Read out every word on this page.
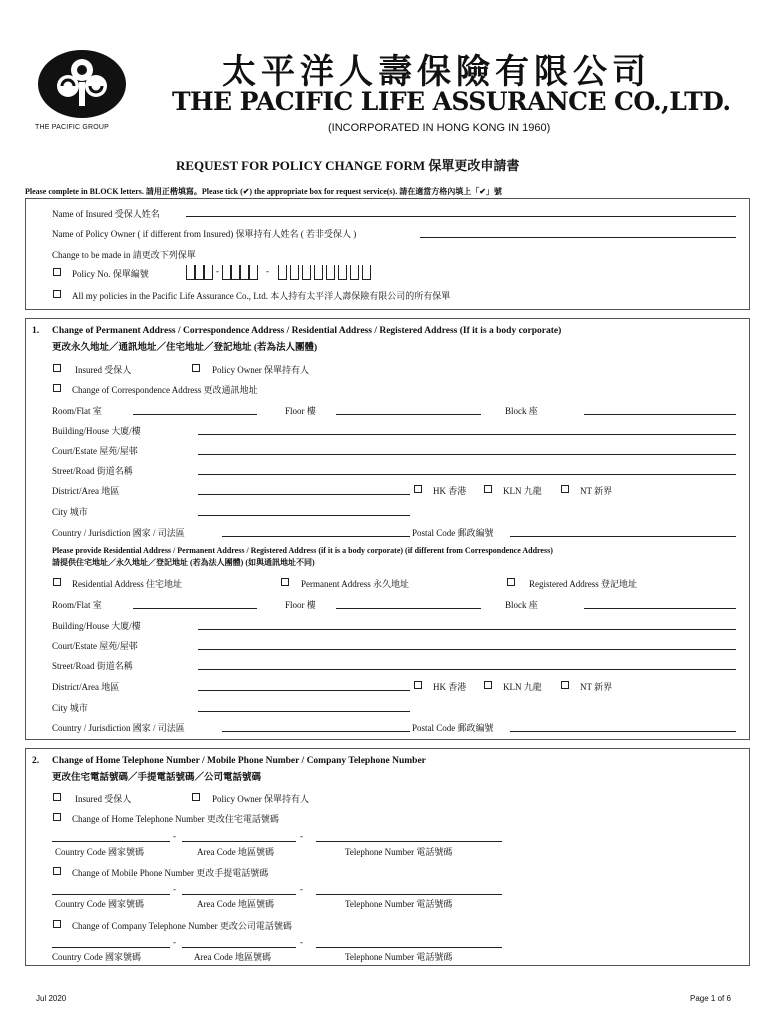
THE PACIFIC GROUP
太平洋人壽保險有限公司
THE PACIFIC LIFE ASSURANCE CO.,LTD.
(INCORPORATED IN HONG KONG IN 1960)
REQUEST FOR POLICY CHANGE FORM 保單更改申請書
Please complete in BLOCK letters. 請用正楷填寫。Please tick (✔) the appropriate box for request service(s). 請在適當方格內填上「✔」號
Name of Insured 受保人姓名
Name of Policy Owner ( if different from Insured) 保單持有人姓名 ( 若非受保人 )
Change to be made in 請更改下列保單
Policy No. 保單編號	-	-
All my policies in the Pacific Life Assurance Co., Ltd. 本人持有太平洋人壽保險有限公司的所有保單
1. Change of Permanent Address / Correspondence Address / Residential Address / Registered Address (If it is a body corporate)
更改永久地址／通訊地址／住宅地址／登記地址 (若為法人團體)
Insured 受保人	Policy Owner 保單持有人
Change of Correspondence Address 更改通訊地址
Room/Flat 室	Floor 樓	Block 座
Building/House 大廈/樓
Court/Estate 屋苑/屋邨
Street/Road 街道名稱
District/Area 地區	HK 香港	KLN 九龍	NT 新界
City 城市
Country / Jurisdiction 國家 / 司法區	Postal Code 郵政編號
Please provide Residential Address / Permanent Address / Registered Address (if it is a body corporate) (if different from Correspondence Address)
請提供住宅地址／永久地址／登記地址 (若為法人團體) (如與通訊地址不同)
Residential Address 住宅地址	Permanent Address 永久地址	Registered Address 登記地址
Room/Flat 室	Floor 樓	Block 座
Building/House 大廈/樓
Court/Estate 屋苑/屋邨
Street/Road 街道名稱
District/Area 地區	HK 香港	KLN 九龍	NT 新界
City 城市
Country / Jurisdiction 國家 / 司法區	Postal Code 郵政編號
2. Change of Home Telephone Number / Mobile Phone Number / Company Telephone Number
更改住宅電話號碼／手提電話號碼／公司電話號碼
Insured 受保人	Policy Owner 保單持有人
Change of Home Telephone Number 更改住宅電話號碼
-	-
Country Code 國家號碼	Area Code 地區號碼	Telephone Number 電話號碼
Change of Mobile Phone Number 更改手提電話號碼
-	-
Country Code 國家號碼	Area Code 地區號碼	Telephone Number 電話號碼
Change of Company Telephone Number 更改公司電話號碼
-	-
Country Code 國家號碼	Area Code 地區號碼	Telephone Number 電話號碼
Jul 2020	Page 1 of 6
